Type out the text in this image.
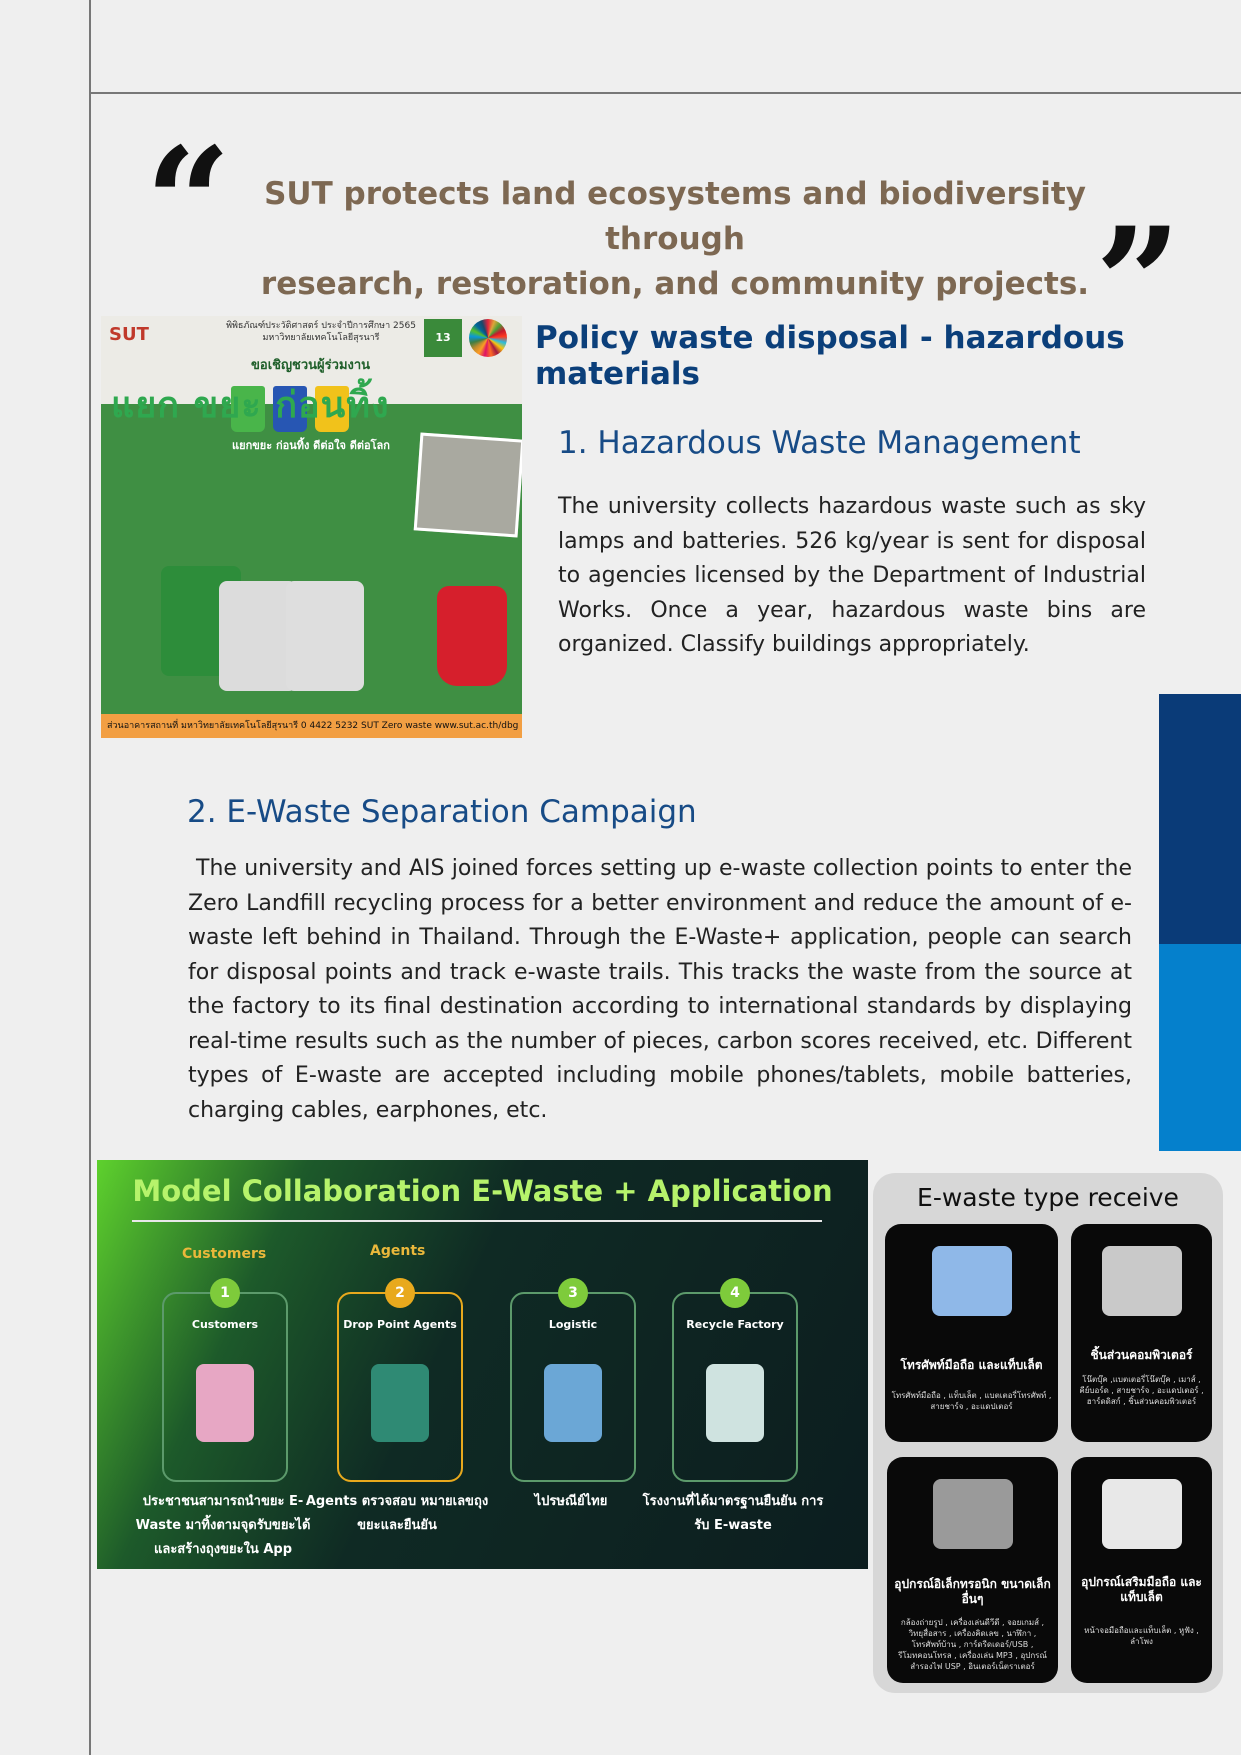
“	SUT protects land ecosystems and biodiversity through
research, restoration, and community projects. ”
SUT	พิพิธภัณฑ์ประวัติศาสตร์ ประจำปีการศึกษา 2565 มหาวิทยาลัยเทคโนโลยีสุรนารี
ขอเชิญชวนผู้ร่วมงาน
13
แยก ขยะ ก่อนทิ้ง
แยกขยะ ก่อนทิ้ง ดีต่อใจ ดีต่อโลก
ส่วนอาคารสถานที่ มหาวิทยาลัยเทคโนโลยีสุรนารี 0 4422 5232 SUT Zero waste www.sut.ac.th/dbg
Policy waste disposal - hazardous materials
1. Hazardous Waste Management
The university collects hazardous waste such as sky lamps and batteries. 526 kg/year is sent for disposal to agencies licensed by the Department of Industrial Works. Once a year, hazardous waste bins are organized. Classify buildings appropriately.
2. E-Waste Separation Campaign
The university and AIS joined forces setting up e-waste collection points to enter the Zero Landfill recycling process for a better environment and reduce the amount of e-waste left behind in Thailand. Through the E-Waste+ application, people can search for disposal points and track e-waste trails. This tracks the waste from the source at the factory to its final destination according to international standards by displaying real-time results such as the number of pieces, carbon scores received, etc. Different types of E-waste are accepted including mobile phones/tablets, mobile batteries, charging cables, earphones, etc.
Model Collaboration E-Waste + Application
Customers	Agents
1
Customers
2
Drop Point Agents
3
Logistic
4
Recycle Factory
ประชาชนสามารถนำขยะ E-Waste มาทิ้งตามจุดรับขยะได้ และสร้างถุงขยะใน App
Agents ตรวจสอบ หมายเลขถุงขยะและยืนยัน
ไปรษณีย์ไทย	โรงงานที่ได้มาตรฐานยืนยัน การรับ E-waste
E-waste type receive
โทรศัพท์มือถือ และแท็บเล็ต
โทรศัพท์มือถือ , แท็บเล็ต , แบตเตอรี่โทรศัพท์ , สายชาร์จ , อะแดปเตอร์
ชิ้นส่วนคอมพิวเตอร์
โน๊ตบุ๊ค ,แบตเตอรี่โน๊ตบุ๊ค , เมาส์ , คีย์บอร์ด , สายชาร์จ , อะแดปเตอร์ , ฮาร์ดดิสก์ , ชิ้นส่วนคอมพิวเตอร์
อุปกรณ์อิเล็กทรอนิก ขนาดเล็กอื่นๆ
กล้องถ่ายรูป , เครื่องเล่นดีวีดี , จอยเกมส์ , วิทยุสื่อสาร , เครื่องคิดเลข , นาฬิกา , โทรศัพท์บ้าน , การ์ดรีดเดอร์/USB , รีโมทคอนโทรล , เครื่องเล่น MP3 , อุปกรณ์สำรองไฟ USP , อินเตอร์เน็ตราเตอร์
อุปกรณ์เสริมมือถือ และแท็บเล็ต
หน้าจอมือถือและแท็บเล็ต , หูฟัง , ลำโพง
